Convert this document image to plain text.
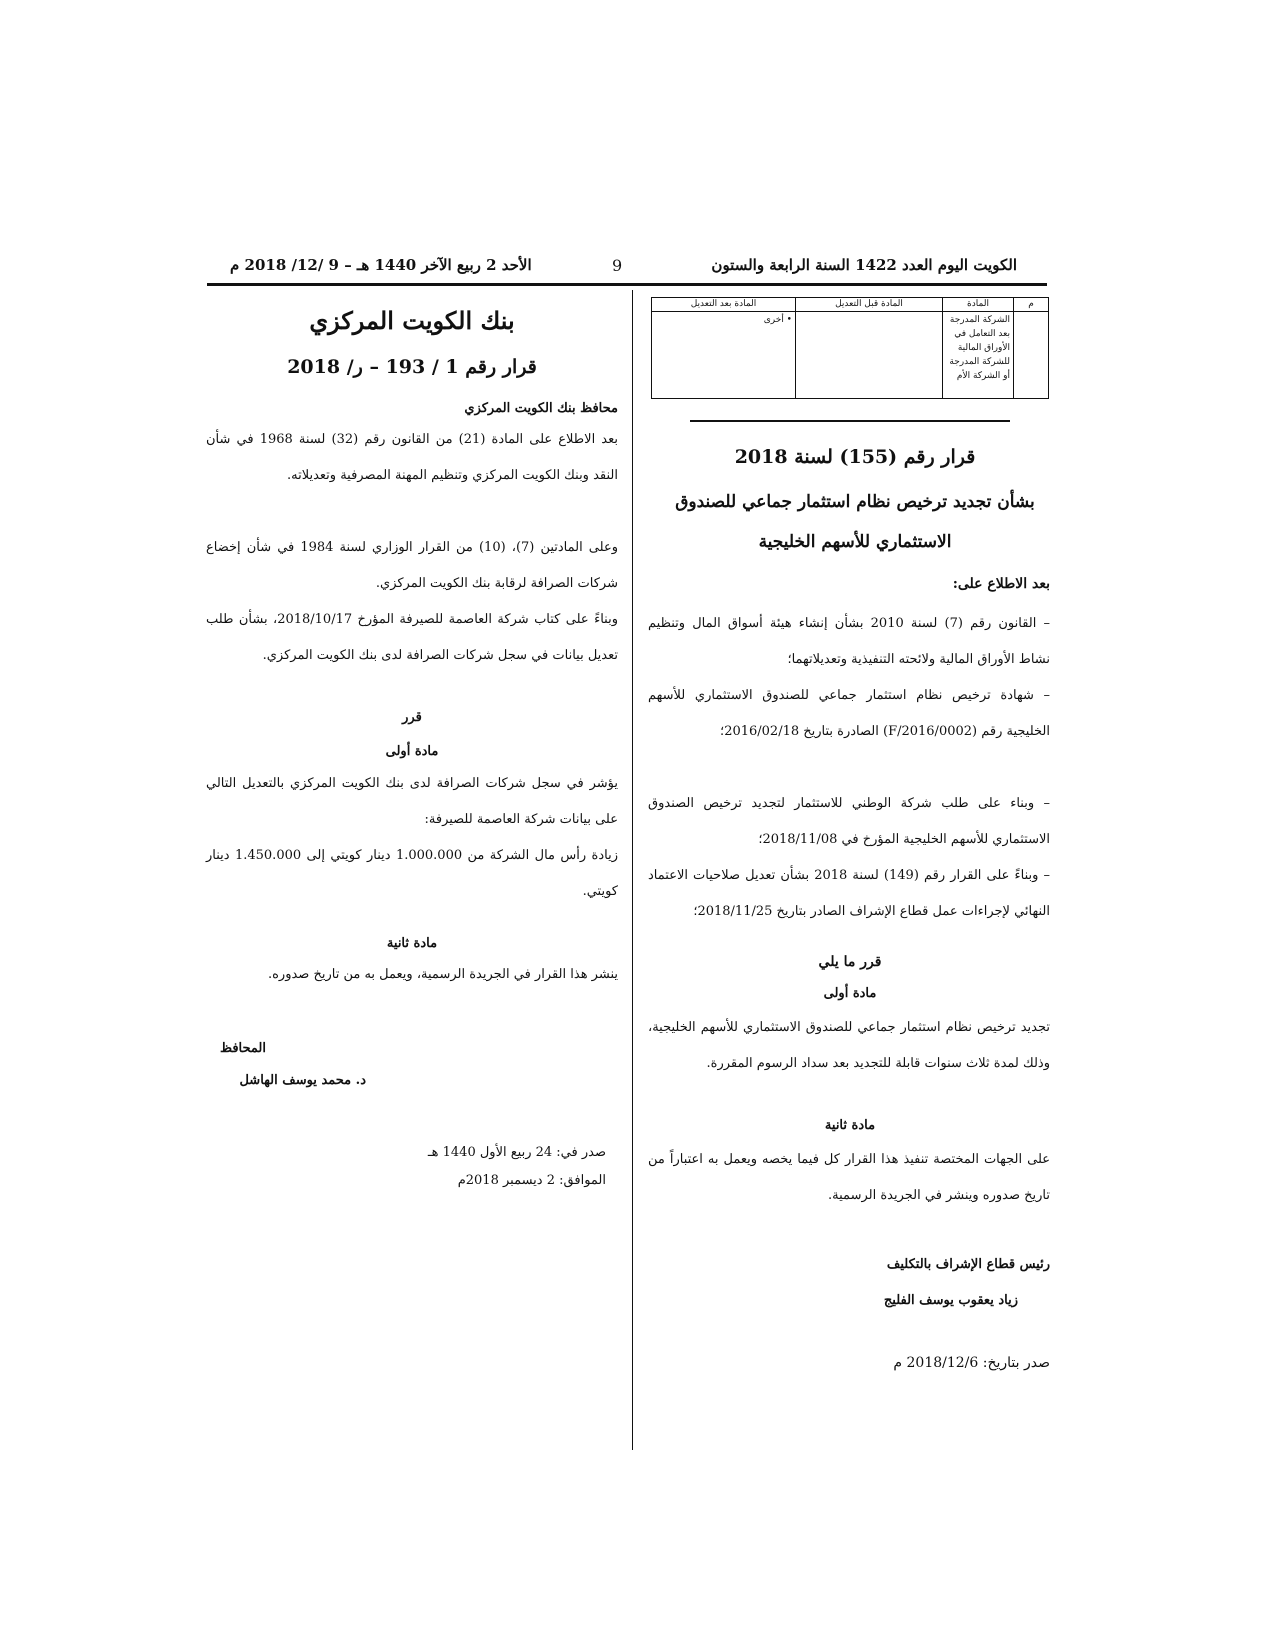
الكويت اليوم العدد 1422 السنة الرابعة والستون
9
الأحد 2 ربيع الآخر 1440 هـ – 9 /12/ 2018 م
م	المادة	المادة قبل التعديل	المادة بعد التعديل
	الشركة المدرجة بعد التعامل في الأوراق المالية للشركة المدرجة أو الشركة الأم		• أخرى
قرار رقم (155) لسنة 2018
بشأن تجديد ترخيص نظام استثمار جماعي للصندوق
الاستثماري للأسهم الخليجية
بعد الاطلاع على:
– القانون رقم (7) لسنة 2010 بشأن إنشاء هيئة أسواق المال وتنظيم نشاط الأوراق المالية ولائحته التنفيذية وتعديلاتهما؛
– شهادة ترخيص نظام استثمار جماعي للصندوق الاستثماري للأسهم الخليجية رقم (F/2016/0002) الصادرة بتاريخ 2016/02/18؛
– وبناء على طلب شركة الوطني للاستثمار لتجديد ترخيص الصندوق الاستثماري للأسهم الخليجية المؤرخ في 2018/11/08؛
– وبناءً على القرار رقم (149) لسنة 2018 بشأن تعديل صلاحيات الاعتماد النهائي لإجراءات عمل قطاع الإشراف الصادر بتاريخ 2018/11/25؛
قرر ما يلي
مادة أولى
تجديد ترخيص نظام استثمار جماعي للصندوق الاستثماري للأسهم الخليجية، وذلك لمدة ثلاث سنوات قابلة للتجديد بعد سداد الرسوم المقررة.
مادة ثانية
على الجهات المختصة تنفيذ هذا القرار كل فيما يخصه ويعمل به اعتباراً من تاريخ صدوره وينشر في الجريدة الرسمية.
رئيس قطاع الإشراف بالتكليف
زياد يعقوب يوسف الفليج
صدر بتاريخ: 2018/12/6 م
بنك الكويت المركزي
قرار رقم 1 / 193 – ر/ 2018
محافظ بنك الكويت المركزي
بعد الاطلاع على المادة (21) من القانون رقم (32) لسنة 1968 في شأن النقد وبنك الكويت المركزي وتنظيم المهنة المصرفية وتعديلاته.
وعلى المادتين (7)، (10) من القرار الوزاري لسنة 1984 في شأن إخضاع شركات الصرافة لرقابة بنك الكويت المركزي.
وبناءً على كتاب شركة العاصمة للصيرفة المؤرخ 2018/10/17، بشأن طلب تعديل بيانات في سجل شركات الصرافة لدى بنك الكويت المركزي.
قرر
مادة أولى
يؤشر في سجل شركات الصرافة لدى بنك الكويت المركزي بالتعديل التالي على بيانات شركة العاصمة للصيرفة:
زيادة رأس مال الشركة من 1.000.000 دينار كويتي إلى 1.450.000 دينار كويتي.
مادة ثانية
ينشر هذا القرار في الجريدة الرسمية، ويعمل به من تاريخ صدوره.
المحافظ
د. محمد يوسف الهاشل
صدر في: 24 ربيع الأول 1440 هـ
الموافق: 2 ديسمبر 2018م
